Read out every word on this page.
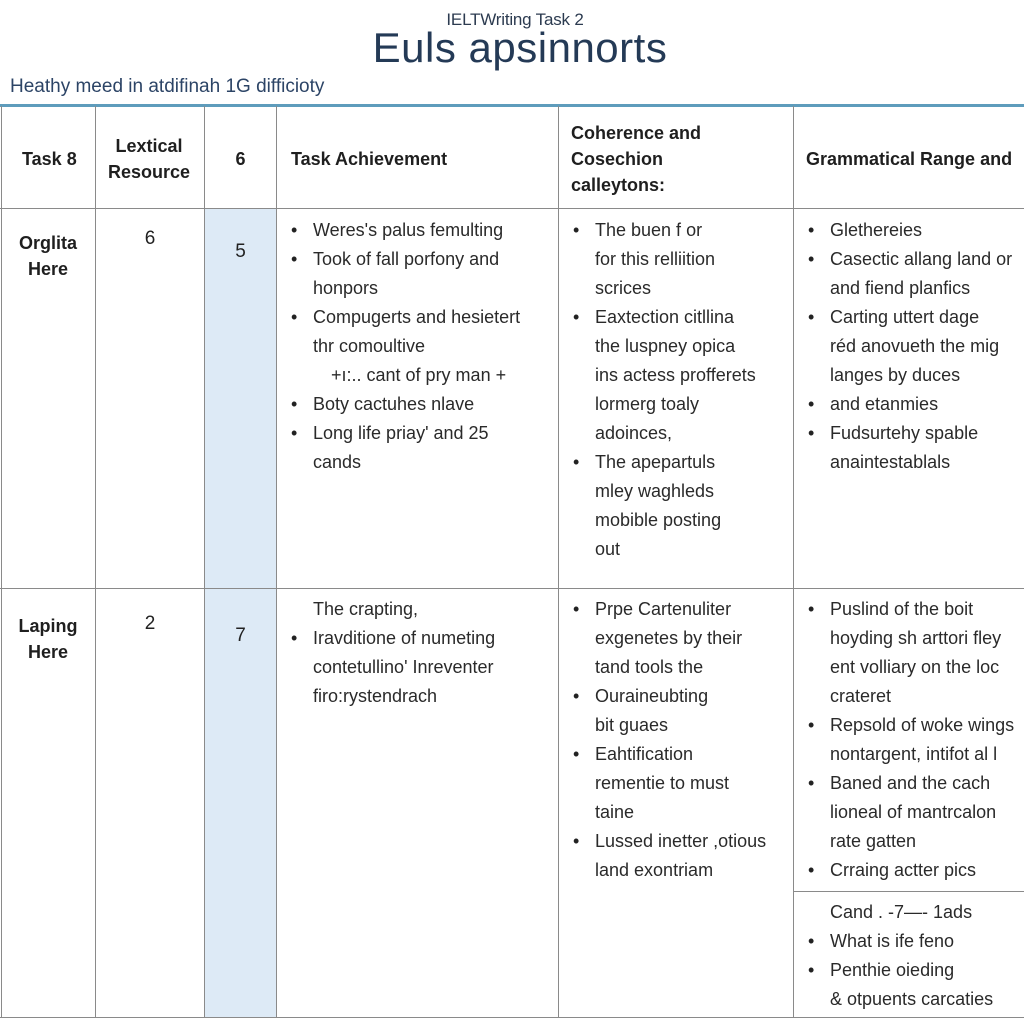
IELTWriting Task 2
Euls apsinnorts
Heathy meed in atdifinah 1G difficioty
Task 8
Lextical Resource
6	Task Achievement
Coherence and Cosechion calleytons:
Grammatical Range and
Orglita Here
6
5
• Weres's palus femulting
• Took of fall porfony and
honpors
• Compugerts and hesietert
thr comoultive
+ı:.. cant of pry man +
• Boty cactuhes nlave
• Long life priay' and 25
cands
• The buen f or
for this relliition
scrices
• Eaxtection citllina
the luspney opica
ins actess profferets
lormerg toaly
adoinces,
• The apepartuls
mley waghleds
mobible posting
out
• Glethereies
• Casectic allang land or
and fiend planfics
• Carting uttert dage
réd anovueth the mig
langes by duces
• and etanmies
• Fudsurtehy spable
anaintestablals
Laping Here
2
7
The crapting,
• Iravditione of numeting
contetullino' Inreventer
firo:rystendrach
• Prpe Cartenuliter
exgenetes by their
tand tools the
• Ouraineubting
bit guaes
• Eahtification
rementie to must
taine
• Lussed inetter ,otious
land exontriam
• Puslind of the boit
hoyding sh arttori fley
ent volliary on the loc
crateret
• Repsold of woke wings
nontargent, intifot al l
• Baned and the cach
lioneal of mantrcalon
rate gatten
• Crraing actter pics
Cand . -7—- 1ads
• What is ife feno
• Penthie oieding
& otpuents carcaties
